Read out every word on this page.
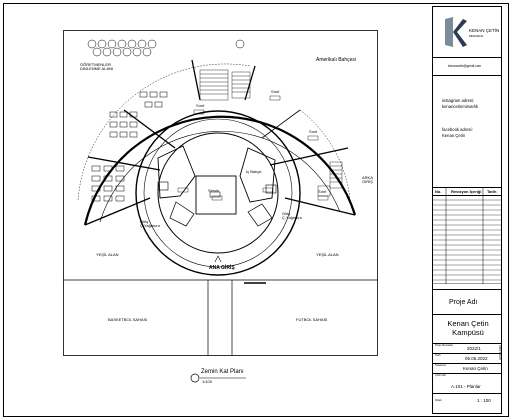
ÖĞRETMENLER
DİNLENME ALANI
Amerikalı Bahçesi
YEŞİL ALAN	YEŞİL ALAN
ANA GİRİŞ
BASKETBOL SAHASI	FUTBOL SAHASI
Sınıf
Sınıf
Sınıf
Sınıf
Giriş
Ç.Yağmuru
Giriş
Ç.Yağmuru
Servis
İç Bahçe
ARKA
GİRİŞ
Zemin Kat Planı
1/100
KENAN ÇETİN
MİMARLIK
kenancetin@gmail.com
instagram adresi:
kenancetinmimarlık
facebook adresi:
Kenan Çetin
No. Revizyon İçeriği Tarih
Proje Adı
Kenan Çetin
Kampüsü
Proje Numarası
2022/1
Tarih
05.05.2022
Tasarımcı
Kenan Çetin
Çizim Adı
A.101 - Planlar
Ölçek	1 : 100
AÇIKLAMA
